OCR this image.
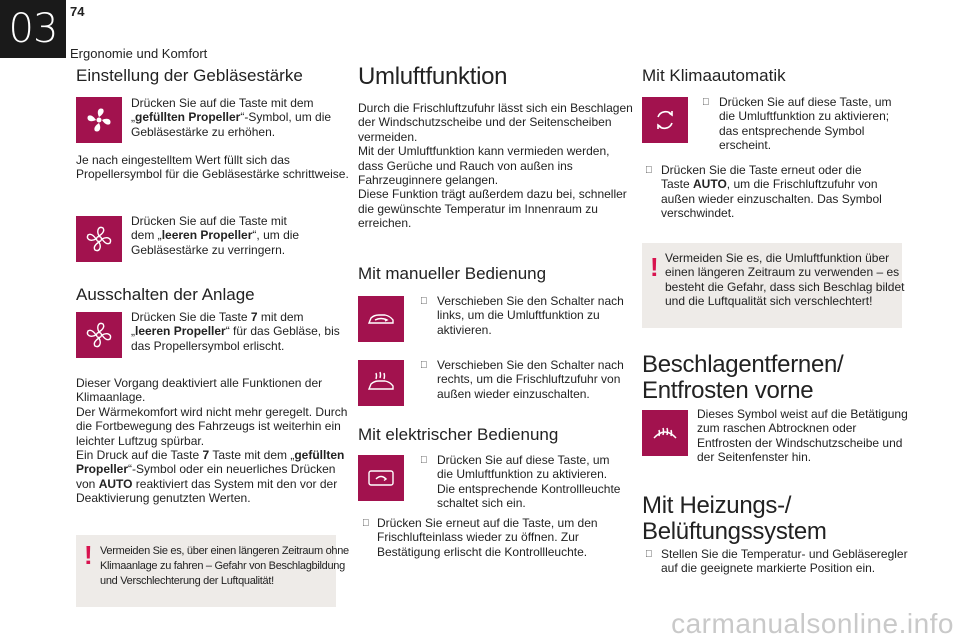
03 74
Ergonomie und Komfort
Einstellung der Gebläsestärke
Drücken Sie auf die Taste mit dem
„gefüllten Propeller“-Symbol, um die
Gebläsestärke zu erhöhen.
Je nach eingestelltem Wert füllt sich das
Propellersymbol für die Gebläsestärke schrittweise.
Drücken Sie auf die Taste mit
dem „leeren Propeller“, um die
Gebläsestärke zu verringern.
Ausschalten der Anlage
Drücken Sie die Taste 7 mit dem
„leeren Propeller“ für das Gebläse, bis
das Propellersymbol erlischt.
Dieser Vorgang deaktiviert alle Funktionen der
Klimaanlage.
Der Wärmekomfort wird nicht mehr geregelt. Durch
die Fortbewegung des Fahrzeugs ist weiterhin ein
leichter Luftzug spürbar.
Ein Druck auf die Taste 7 Taste mit dem „gefüllten
Propeller“-Symbol oder ein neuerliches Drücken
von AUTO reaktiviert das System mit den vor der
Deaktivierung genutzten Werten.
! Vermeiden Sie es, über einen längeren Zeitraum ohne
Klimaanlage zu fahren – Gefahr von Beschlagbildung
und Verschlechterung der Luftqualität!
Umluftfunktion
Durch die Frischluftzufuhr lässt sich ein Beschlagen
der Windschutzscheibe und der Seitenscheiben
vermeiden.
Mit der Umluftfunktion kann vermieden werden,
dass Gerüche und Rauch von außen ins
Fahrzeuginnere gelangen.
Diese Funktion trägt außerdem dazu bei, schneller
die gewünschte Temperatur im Innenraum zu
erreichen.
Mit manueller Bedienung
Verschieben Sie den Schalter nach
links, um die Umluftfunktion zu
aktivieren.
Verschieben Sie den Schalter nach
rechts, um die Frischluftzufuhr von
außen wieder einzuschalten.
Mit elektrischer Bedienung
Drücken Sie auf diese Taste, um
die Umluftfunktion zu aktivieren.
Die entsprechende Kontrollleuchte
schaltet sich ein.
Drücken Sie erneut auf die Taste, um den
Frischlufteinlass wieder zu öffnen. Zur
Bestätigung erlischt die Kontrollleuchte.
Mit Klimaautomatik
Drücken Sie auf diese Taste, um
die Umluftfunktion zu aktivieren;
das entsprechende Symbol
erscheint.
Drücken Sie die Taste erneut oder die
Taste AUTO, um die Frischluftzufuhr von
außen wieder einzuschalten. Das Symbol
verschwindet.
! Vermeiden Sie es, die Umluftfunktion über
einen längeren Zeitraum zu verwenden – es
besteht die Gefahr, dass sich Beschlag bildet
und die Luftqualität sich verschlechtert!
Beschlagentfernen/
Entfrosten vorne
Dieses Symbol weist auf die Betätigung
zum raschen Abtrocknen oder
Entfrosten der Windschutzscheibe und
der Seitenfenster hin.
Mit Heizungs-/
Belüftungssystem
Stellen Sie die Temperatur- und Gebläseregler
auf die geeignete markierte Position ein.
carmanualsonline.info
